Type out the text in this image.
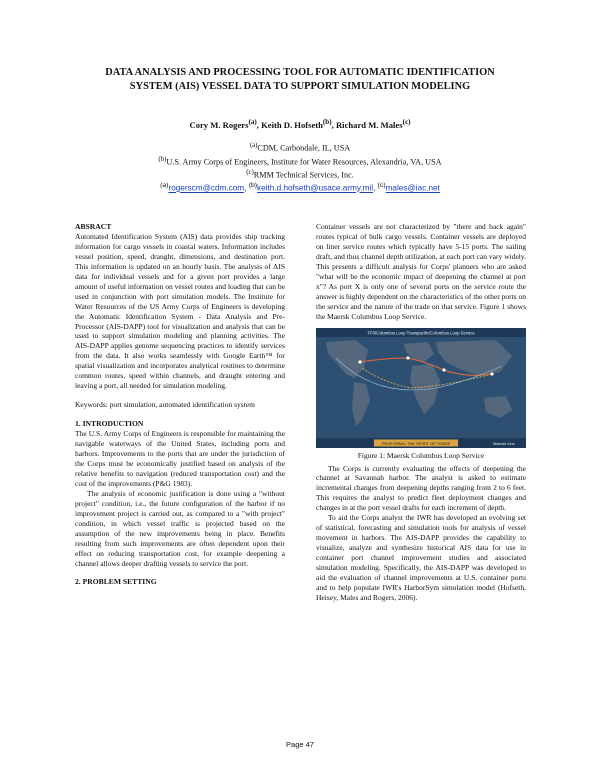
DATA ANALYSIS AND PROCESSING TOOL FOR AUTOMATIC IDENTIFICATION SYSTEM (AIS) VESSEL DATA TO SUPPORT SIMULATION MODELING
Cory M. Rogers$^{(a)}$, Keith D. Hofseth$^{(b)}$, Richard M. Males$^{(c)}$
$^{(a)}$CDM, Carbondale, IL, USA
$^{(b)}$U.S. Army Corps of Engineers, Institute for Water Resources, Alexandria, VA, USA
$^{(c)}$RMM Technical Services, Inc.
$^{(a)}$rogerscm@cdm.com, $^{(b)}$keith.d.hofseth@usace.army.mil, $^{(c)}$males@iac.net
ABSRACT

Automated Identification System (AIS) data provides ship tracking information for cargo vessels in coastal waters. Information includes vessel position, speed, draught, dimensions, and destination port. This information is updated on an hourly basis. The analysis of AIS data for individual vessels and for a given port provides a large amount of useful information on vessel routes and loading that can be used in conjunction with port simulation models. The Institute for Water Resources of the US Army Corps of Engineers is developing the Automatic Identification System - Data Analysis and Pre-Processor (AIS-DAPP) tool for visualization and analysis that can be used to support simulation modeling and planning activities. The AIS-DAPP applies genome sequencing practices to identify services from the data. It also works seamlessly with Google Earth™ for spatial visualization and incorporates analytical routines to determine common routes, speed within channels, and draught entering and leaving a port, all needed for simulation modeling.

Keywords: port simulation, automated identification system

1. INTRODUCTION

The U.S. Army Corps of Engineers is responsible for maintaining the navigable waterways of the United States, including ports and harbors. Improvements to the ports that are under the jurisdiction of the Corps must be economically justified based on analysis of the relative benefits to navigation (reduced transportation cost) and the cost of the improvements (P&G 1983).

The analysis of economic justification is done using a "without project" condition, i.e., the future configuration of the harbor if no improvement project is carried out, as compared to a "with project" condition, in which vessel traffic is projected based on the assumption of the new improvements being in place. Benefits resulting from such improvements are often dependent upon their effect on reducing transportation cost, for example deepening a channel allows deeper drafting vessels to service the port.

2. PROBLEM SETTING

Container vessels are not characterized by "there and back again" routes typical of bulk cargo vessels. Container vessels are deployed on liner service routes which typically have 5-15 ports. The sailing draft, and thus channel depth utilization, at each port can vary widely. This presents a difficult analysis for Corps' planners who are asked "what will be the economic impact of deepening the channel at port x"? As port X is only one of several ports on the service route the answer is highly dependent on the characteristics of the other ports on the service and the nature of the trade on that service. Figure 1 shows the Maersk Columbus Loop Service.

TP3/Columbus Loop Transpacific/Columbus Loop Service
PROFORMA: THE SPIRIT OF TRADE	Maersk Line
Figure 1: Maersk Columbus Loop Service

The Corps is currently evaluating the effects of deepening the channel at Savannah harbor. The analyst is asked to estimate incremental changes from deepening depths ranging from 2 to 6 feet. This requires the analyst to predict fleet deployment changes and changes in at the port vessel drafts for each increment of depth.

To aid the Corps analyst the IWR has developed an evolving set of statistical, forecasting and simulation tools for analysis of vessel movement in harbors. The AIS-DAPP provides the capability to visualize, analyze and synthesize historical AIS data for use in container port channel improvement studies and associated simulation modeling. Specifically, the AIS-DAPP was developed to aid the evaluation of channel improvements at U.S. container ports and to help populate IWR's HarborSym simulation model (Hofseth, Heisey, Males and Rogers, 2006).

Page 47
